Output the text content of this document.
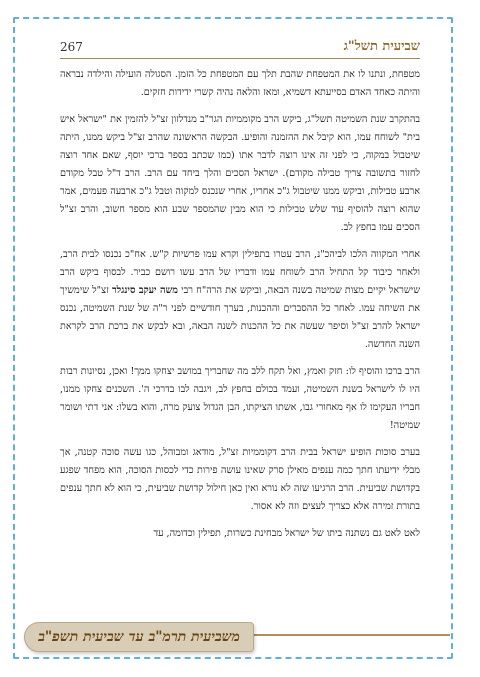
267	שביעית תשל"ג

מטפחת, ונתנו לו את המטפחת שהבת תלך עם המטפחת כל הזמן. הסגולה הועילה והילדה נבראה והיתה כאחד האדם בסייעתא דשמיא, ומאז והלאה נהיה קשרי ידידות חזקים.

בהתקרב שנת השמיטה תשל"ג, ביקש הרב מקוממיות הגר"ב מנדלזון זצ"ל להזמין את "ישראל איש בית" לשוחח עמו, הוא קיבל את ההזמנה והופיע. הבקשה הראשונה שהרב זצ"ל ביקש ממנו, היתה שיטבול במקוה, כי לפני זה אינו רוצה לדבר אתו (כמו שכתב בספר ברכי יוסף, שאם אחד רוצה לחזור בתשובה צריך טבילה מקודם). ישראל הסכים והלך ביחד עם הרב. הרב ד"ל טבל מקודם ארבע טבילות, וביקש ממנו שיטבול ג"כ אחריו, אחרי שנכנס למקוה וטבל ג"כ ארבעה פעמים, אמר שהוא רוצה להוסיף עוד שלש טבילות כי הוא מבין שהמספר שבע הוא מספר חשוב, והרב זצ"ל הסכים עמו בחפץ לב.

אחרי המקווה הלכו לביהכ"נ, הרב עטרו בתפילין וקרא עמו פרשיות ק"ש. אח"כ נכנסו לבית הרב, ולאחר כיבוד קל התחיל הרב לשוחח עמו ודבריו של הרב עשו רושם כביר. לבסוף ביקש הרב שישראל יקיים מצות שמיטה בשנה הבאה, וביקש את הרה"ח רבי משה יעקב סינגלר זצ"ל שימשיך את השיחה עמו. לאחר כל ההסברים וההכנות, בערך חודשיים לפני ר"ה של שנת השמיטה, נכנס ישראל להרב זצ"ל וסיפר שעשה את כל ההכנות לשנה הבאה, ובא לבקש את ברכת הרב לקראת השנה החדשה.

הרב ברכו והוסיף לו: חזק ואמץ, ואל תקח ללב מה שחבריך במושב יצחקו ממך! ואכן, נסיונות רבות היו לו לישראל בשנת השמיטה, ועמד בכולם בחפץ לב, ויגבה לבו בדרכי ה'. השכנים צחקו ממנו, חבריו העקימו לו אף מאחורי גבו, אשתו הציקתו, הבן הגדול צועק מרה, והוא בשלו: אני דתי ושומר שמיטה!

בערב סוכות הופיע ישראל בבית הרב דקוממיות זצ"ל, מודאג ומבוהל, כגו עשה סוכה קטנה, אך מבלי ידיעתו חתך כמה ענפים מאילן סרק שאינו עושה פירות כדי לכסות הסוכה, הוא מפחד שפגע בקדושת שביעית. הרב הרגיעו שזה לא נורא ואין כאן חילול קדושת שביעית, כי הוא לא חתך ענפים בתורת זמירה אלא כצריך לעצים וזה לא אסור.

לאט לאט גם נשתנה ביתו של ישראל מבחינת כשרות, תפילין וכדומה, עד

משביעית תרמ"ב עד שביעית תשפ"ב
